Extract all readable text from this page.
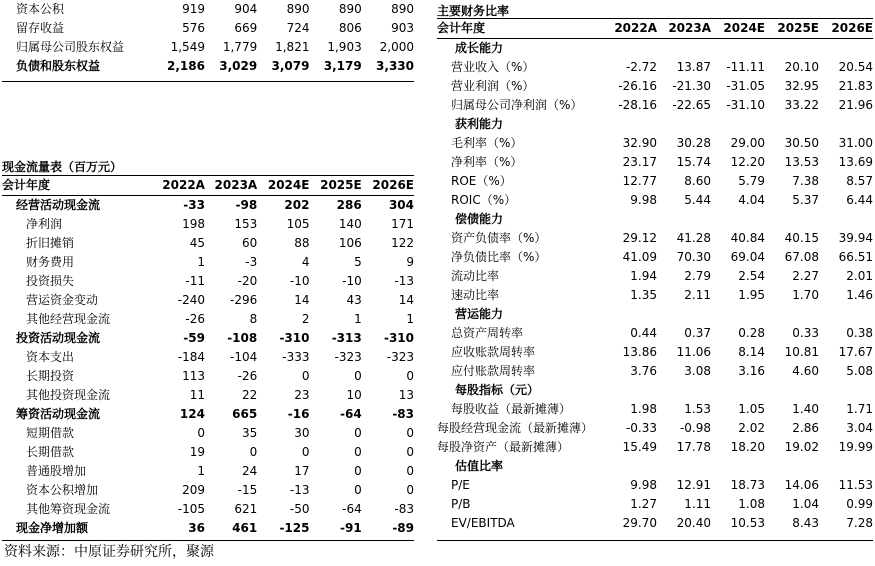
资本公积	919	904	890	890	890
留存收益	576	669	724	806	903
归属母公司股东权益	1,549	1,779	1,821	1,903	2,000
负债和股东权益	2,186	3,029	3,079	3,179	3,330
现金流量表（百万元）
会计年度	2022A	2023A	2024E	2025E	2026E
经营活动现金流	-33	-98	202	286	304
净利润	198	153	105	140	171
折旧摊销	45	60	88	106	122
财务费用	1	-3	4	5	9
投资损失	-11	-20	-10	-10	-13
营运资金变动	-240	-296	14	43	14
其他经营现金流	-26	8	2	1	1
投资活动现金流	-59	-108	-310	-313	-310
资本支出	-184	-104	-333	-323	-323
长期投资	113	-26	0	0	0
其他投资现金流	11	22	23	10	13
筹资活动现金流	124	665	-16	-64	-83
短期借款	0	35	30	0	0
长期借款	19	0	0	0	0
普通股增加	1	24	17	0	0
资本公积增加	209	-15	-13	0	0
其他筹资现金流	-105	621	-50	-64	-83
现金净增加额	36	461	-125	-91	-89
主要财务比率
会计年度	2022A	2023A	2024E	2025E	2026E
成长能力					
营业收入（%）	-2.72	13.87	-11.11	20.10	20.54
营业利润（%）	-26.16	-21.30	-31.05	32.95	21.83
归属母公司净利润（%）	-28.16	-22.65	-31.10	33.22	21.96
获利能力					
毛利率（%）	32.90	30.28	29.00	30.50	31.00
净利率（%）	23.17	15.74	12.20	13.53	13.69
ROE（%）	12.77	8.60	5.79	7.38	8.57
ROIC（%）	9.98	5.44	4.04	5.37	6.44
偿债能力					
资产负债率（%）	29.12	41.28	40.84	40.15	39.94
净负债比率（%）	41.09	70.30	69.04	67.08	66.51
流动比率	1.94	2.79	2.54	2.27	2.01
速动比率	1.35	2.11	1.95	1.70	1.46
营运能力					
总资产周转率	0.44	0.37	0.28	0.33	0.38
应收账款周转率	13.86	11.06	8.14	10.81	17.67
应付账款周转率	3.76	3.08	3.16	4.60	5.08
每股指标（元）					
每股收益（最新摊薄）	1.98	1.53	1.05	1.40	1.71
每股经营现金流（最新摊薄）	-0.33	-0.98	2.02	2.86	3.04
每股净资产（最新摊薄）	15.49	17.78	18.20	19.02	19.99
估值比率					
P/E	9.98	12.91	18.73	14.06	11.53
P/B	1.27	1.11	1.08	1.04	0.99
EV/EBITDA	29.70	20.40	10.53	8.43	7.28
资料来源：中原证券研究所，聚源
